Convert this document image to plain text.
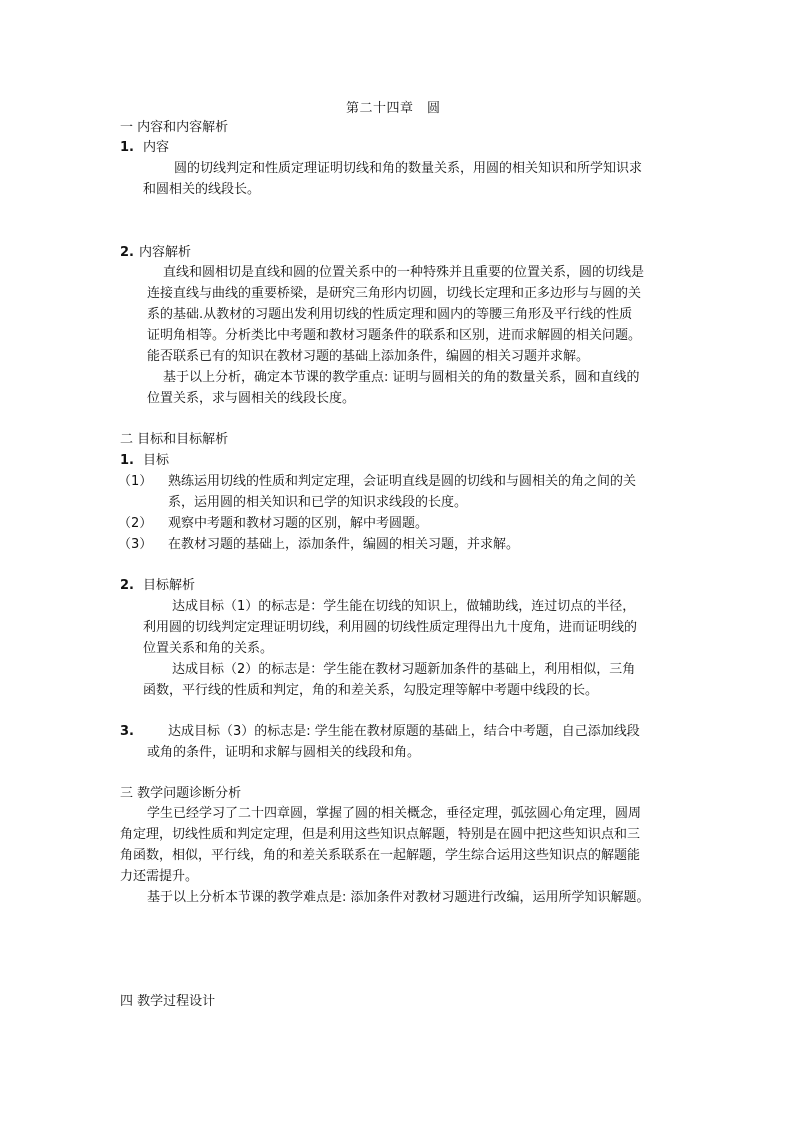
第二十四章　圆
一 内容和内容解析
1. 内容
圆的切线判定和性质定理证明切线和角的数量关系，用圆的相关知识和所学知识求
和圆相关的线段长。
2. 内容解析
直线和圆相切是直线和圆的位置关系中的一种特殊并且重要的位置关系，圆的切线是
连接直线与曲线的重要桥梁，是研究三角形内切圆，切线长定理和正多边形与与圆的关
系的基础.从教材的习题出发利用切线的性质定理和圆内的等腰三角形及平行线的性质
证明角相等。分析类比中考题和教材习题条件的联系和区别，进而求解圆的相关问题。
能否联系已有的知识在教材习题的基础上添加条件，编圆的相关习题并求解。
基于以上分析，确定本节课的教学重点: 证明与圆相关的角的数量关系，圆和直线的
位置关系，求与圆相关的线段长度。
二 目标和目标解析
1. 目标
（1） 熟练运用切线的性质和判定定理，会证明直线是圆的切线和与圆相关的角之间的关
系，运用圆的相关知识和已学的知识求线段的长度。
（2） 观察中考题和教材习题的区别，解中考圆题。
（3） 在教材习题的基础上，添加条件，编圆的相关习题，并求解。
2. 目标解析
达成目标（1）的标志是：学生能在切线的知识上，做辅助线，连过切点的半径，
利用圆的切线判定定理证明切线，利用圆的切线性质定理得出九十度角，进而证明线的
位置关系和角的关系。
达成目标（2）的标志是：学生能在教材习题新加条件的基础上，利用相似，三角
函数，平行线的性质和判定，角的和差关系，勾股定理等解中考题中线段的长。
3.	达成目标（3）的标志是: 学生能在教材原题的基础上，结合中考题，自己添加线段
或角的条件，证明和求解与圆相关的线段和角。
三 教学问题诊断分析
学生已经学习了二十四章圆，掌握了圆的相关概念，垂径定理，弧弦圆心角定理，圆周
角定理，切线性质和判定定理，但是利用这些知识点解题，特别是在圆中把这些知识点和三
角函数，相似，平行线，角的和差关系联系在一起解题，学生综合运用这些知识点的解题能
力还需提升。
基于以上分析本节课的教学难点是: 添加条件对教材习题进行改编，运用所学知识解题。
四 教学过程设计
